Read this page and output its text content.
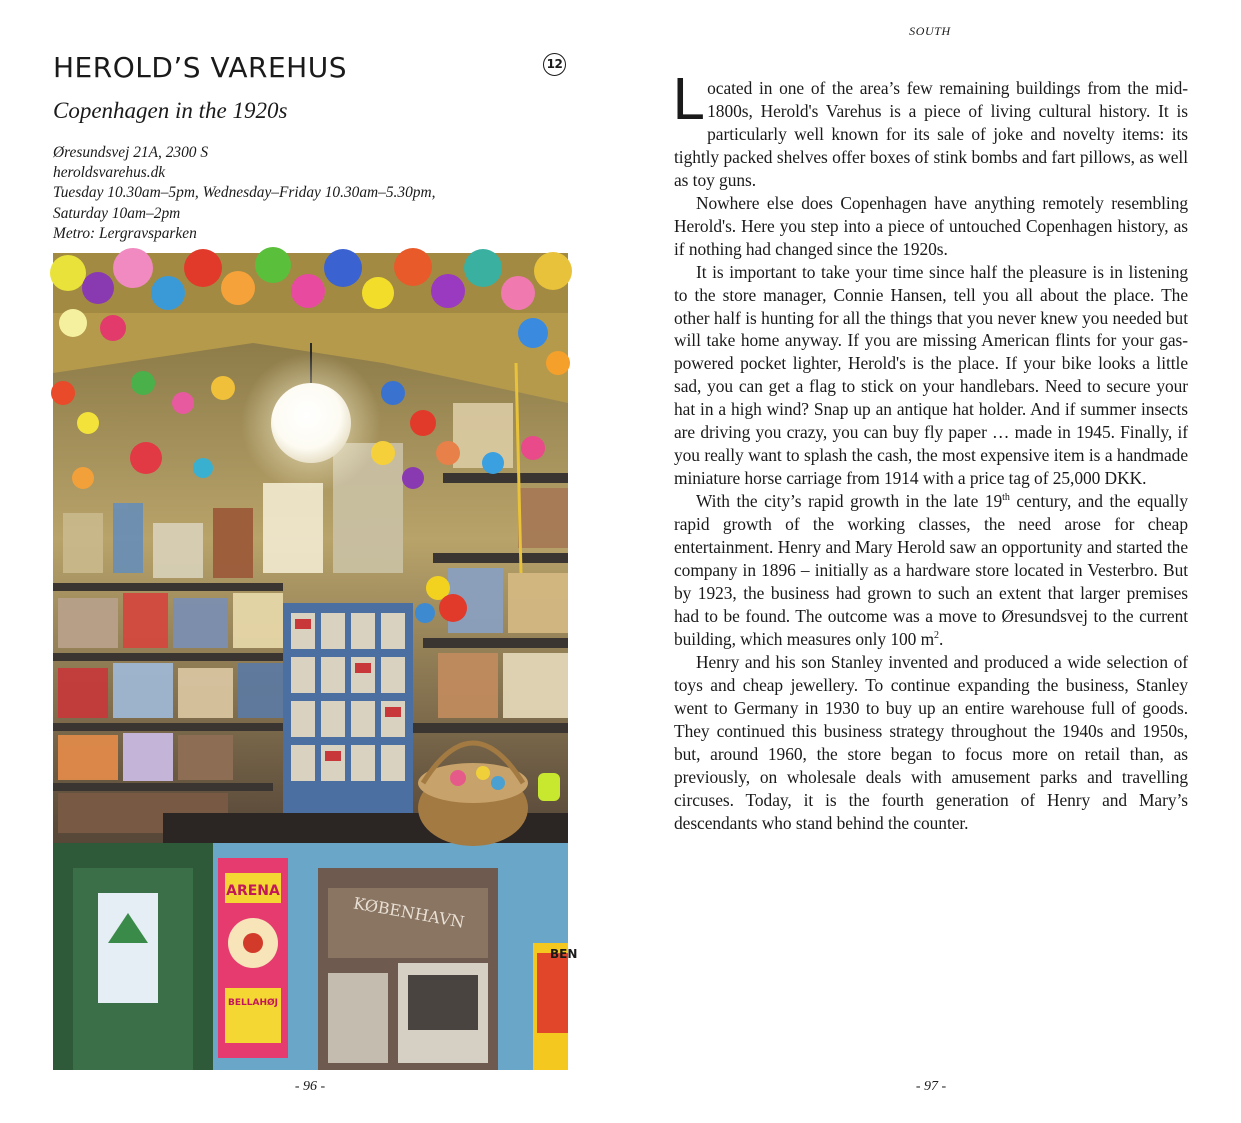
HEROLD’S VAREHUS	12
Copenhagen in the 1920s
Øresundsvej 21A, 2300 S
heroldsvarehus.dk
Tuesday 10.30am–5pm, Wednesday–Friday 10.30am–5.30pm,
Saturday 10am–2pm
Metro: Lergravsparken
ARENA
BELLAHØJ
KØBENHAVN
BEN
- 96 -
SOUTH

Located in one of the area’s few remaining buildings from the mid-1800s, Herold's Varehus is a piece of living cultural history. It is particularly well known for its sale of joke and novelty items: its tightly packed shelves offer boxes of stink bombs and fart pillows, as well as toy guns.

Nowhere else does Copenhagen have anything remotely resembling Herold's. Here you step into a piece of untouched Copenhagen history, as if nothing had changed since the 1920s.

It is important to take your time since half the pleasure is in listening to the store manager, Connie Hansen, tell you all about the place. The other half is hunting for all the things that you never knew you needed but will take home anyway. If you are missing American flints for your gas-powered pocket lighter, Herold's is the place. If your bike looks a little sad, you can get a flag to stick on your handlebars. Need to secure your hat in a high wind? Snap up an antique hat holder. And if summer insects are driving you crazy, you can buy fly paper … made in 1945. Finally, if you really want to splash the cash, the most expensive item is a handmade miniature horse carriage from 1914 with a price tag of 25,000 DKK.

With the city’s rapid growth in the late 19th century, and the equally rapid growth of the working classes, the need arose for cheap entertainment. Henry and Mary Herold saw an opportunity and started the company in 1896 – initially as a hardware store located in Vesterbro. But by 1923, the business had grown to such an extent that larger premises had to be found. The outcome was a move to Øresundsvej to the current building, which measures only 100 $m^2$.

Henry and his son Stanley invented and produced a wide selection of toys and cheap jewellery. To continue expanding the business, Stanley went to Germany in 1930 to buy up an entire warehouse full of goods. They continued this business strategy throughout the 1940s and 1950s, but, around 1960, the store began to focus more on retail than, as previously, on wholesale deals with amusement parks and travelling circuses. Today, it is the fourth generation of Henry and Mary’s descendants who stand behind the counter.

- 97 -
